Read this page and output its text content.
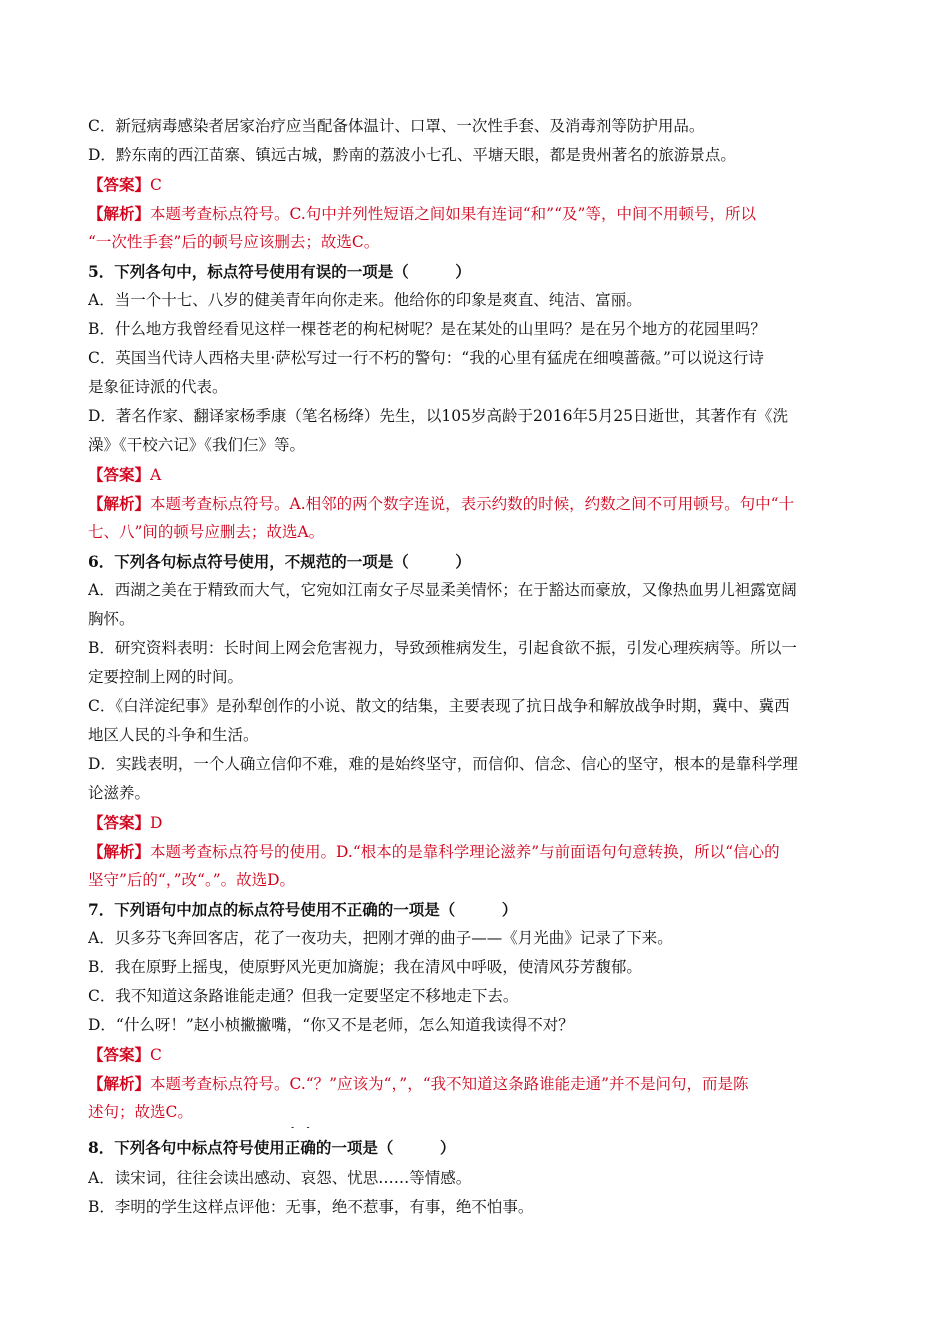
C．新冠病毒感染者居家治疗应当配备体温计、口罩、一次性手套、及消毒剂等防护用品。
D．黔东南的西江苗寨、镇远古城，黔南的荔波小七孔、平塘天眼，都是贵州著名的旅游景点。
【答案】C
【解析】本题考查标点符号。C.句中并列性短语之间如果有连词“和”“及”等，中间不用顿号，所以
“一次性手套”后的顿号应该删去；故选C。
5．下列各句中，标点符号使用有误的一项是（　　　）
A．当一个十七、八岁的健美青年向你走来。他给你的印象是爽直、纯洁、富丽。
B．什么地方我曾经看见这样一棵苍老的枸杞树呢？是在某处的山里吗？是在另个地方的花园里吗？
C．英国当代诗人西格夫里·萨松写过一行不朽的警句：“我的心里有猛虎在细嗅蔷薇。”可以说这行诗
是象征诗派的代表。
D．著名作家、翻译家杨季康（笔名杨绛）先生，以105岁高龄于2016年5月25日逝世，其著作有《洗
澡》《干校六记》《我们仨》等。
【答案】A
【解析】本题考查标点符号。A.相邻的两个数字连说，表示约数的时候，约数之间不可用顿号。句中“十
七、八”间的顿号应删去；故选A。
6．下列各句标点符号使用，不规范的一项是（　　　）
A．西湖之美在于精致而大气，它宛如江南女子尽显柔美情怀；在于豁达而豪放，又像热血男儿袒露宽阔
胸怀。
B．研究资料表明：长时间上网会危害视力，导致颈椎病发生，引起食欲不振，引发心理疾病等。所以一
定要控制上网的时间。
C．《白洋淀纪事》是孙犁创作的小说、散文的结集，主要表现了抗日战争和解放战争时期，冀中、冀西
地区人民的斗争和生活。
D．实践表明，一个人确立信仰不难，难的是始终坚守，而信仰、信念、信心的坚守，根本的是靠科学理
论滋养。
【答案】D
【解析】本题考查标点符号的使用。D.“根本的是靠科学理论滋养”与前面语句句意转换，所以“信心的
坚守”后的“，”改“。”。故选D。
7．下列语句中加点的标点符号使用不正确的一项是（　　　）
A．贝多芬飞奔回客店，花了一夜功夫，把刚才弹的曲子——《月光曲》记录了下来。
B．我在原野上摇曳，使原野风光更加旖旎；我在清风中呼吸，使清风芬芳馥郁。
C．我不知道这条路谁能走通？但我一定要坚定不移地走下去。
D．“什么呀！”赵小桢撇撇嘴，“你又不是老师，怎么知道我读得不对？
【答案】C
【解析】本题考查标点符号。C.“？”应该为“，”，“我不知道这条路谁能走通”并不是问句，而是陈
述句；故选C。
8．下列各句中标点符号使用正确的一项是（　　　）
A．读宋词，往往会读出感动、哀怨、忧思……等情感。
B．李明的学生这样点评他：无事，绝不惹事，有事，绝不怕事。
